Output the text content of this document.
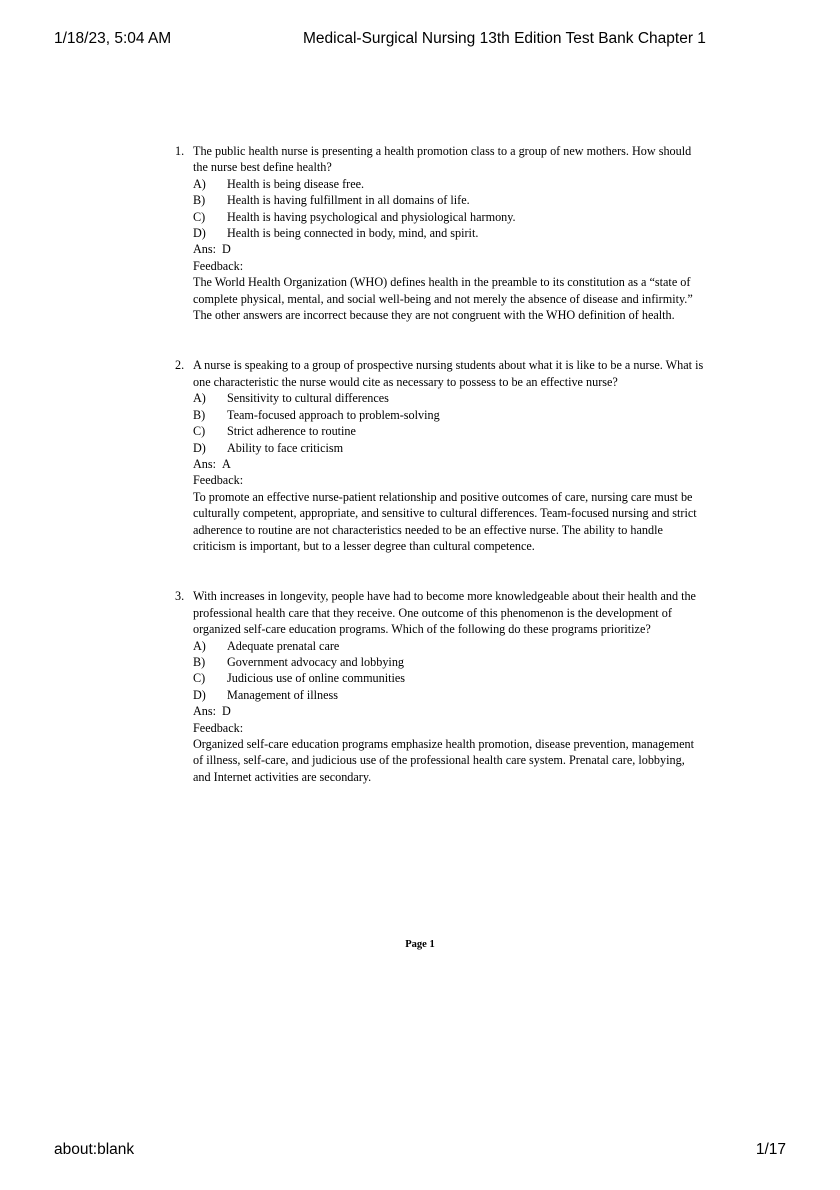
1/18/23, 5:04 AM	Medical-Surgical Nursing 13th Edition Test Bank Chapter 1
1. The public health nurse is presenting a health promotion class to a group of new mothers. How should the nurse best define health?

A)	Health is being disease free.
B)	Health is having fulfillment in all domains of life.
C)	Health is having psychological and physiological harmony.
D)	Health is being connected in body, mind, and spirit.
Ans: D
Feedback:

The World Health Organization (WHO) defines health in the preamble to its constitution as a “state of complete physical, mental, and social well-being and not merely the absence of disease and infirmity.” The other answers are incorrect because they are not congruent with the WHO definition of health.

2. A nurse is speaking to a group of prospective nursing students about what it is like to be a nurse. What is one characteristic the nurse would cite as necessary to possess to be an effective nurse?

A)	Sensitivity to cultural differences
B)	Team-focused approach to problem-solving
C)	Strict adherence to routine
D)	Ability to face criticism
Ans: A
Feedback:

To promote an effective nurse-patient relationship and positive outcomes of care, nursing care must be culturally competent, appropriate, and sensitive to cultural differences. Team-focused nursing and strict adherence to routine are not characteristics needed to be an effective nurse. The ability to handle criticism is important, but to a lesser degree than cultural competence.

3. With increases in longevity, people have had to become more knowledgeable about their health and the professional health care that they receive. One outcome of this phenomenon is the development of organized self-care education programs. Which of the following do these programs prioritize?

A)	Adequate prenatal care
B)	Government advocacy and lobbying
C)	Judicious use of online communities
D)	Management of illness
Ans: D
Feedback:

Organized self-care education programs emphasize health promotion, disease prevention, management of illness, self-care, and judicious use of the professional health care system. Prenatal care, lobbying, and Internet activities are secondary.

Page 1
about:blank	1/17
